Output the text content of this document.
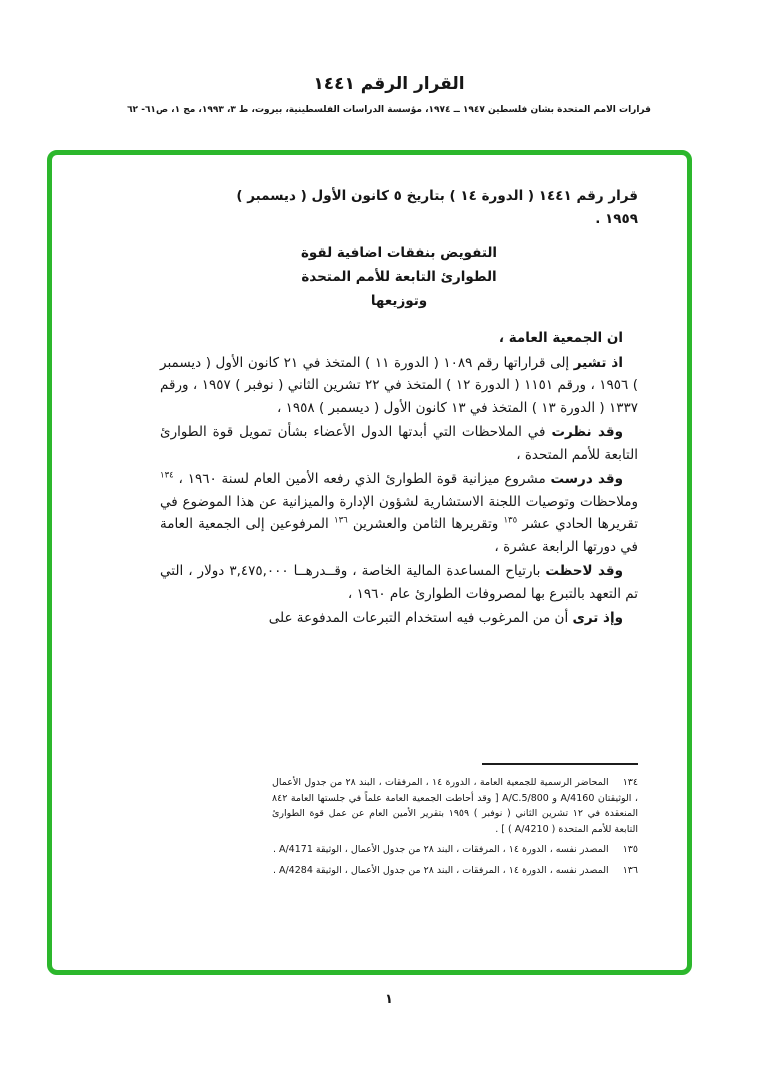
القرار الرقم ١٤٤١
قرارات الأمم المتحدة بشأن فلسطين ١٩٤٧ ــ ١٩٧٤، مؤسسة الدراسات الفلسطينية، بيروت، ط ٣، ١٩٩٣، مج ١، ص٦١- ٦٢

قرار رقم ١٤٤١ ( الدورة ١٤ ) بتاريخ ٥ كانون الأول ( ديسمبر )
١٩٥٩ .

التفويض بنفقات اضافية لقوة
الطوارئ التابعة للأمم المتحدة
وتوزيعها

ان الجمعية العامة ،

اذ تشير إلى قراراتها رقم ١٠٨٩ ( الدورة ١١ ) المتخذ في ٢١ كانون الأول ( ديسمبر ) ١٩٥٦ ، ورقم ١١٥١ ( الدورة ١٢ ) المتخذ في ٢٢ تشرين الثاني ( نوفبر ) ١٩٥٧ ، ورقم ١٣٣٧ ( الدورة ١٣ ) المتخذ في ١٣ كانون الأول ( ديسمبر ) ١٩٥٨ ،

وقد نظرت في الملاحظات التي أبدتها الدول الأعضاء بشأن تمويل قوة الطوارئ التابعة للأمم المتحدة ،

وقد درست مشروع ميزانية قوة الطوارئ الذي رفعه الأمين العام لسنة ١٩٦٠ ، $^{١٣٤}$ وملاحظات وتوصيات اللجنة الاستشارية لشؤون الإدارة والميزانية عن هذا الموضوع في تقريرها الحادي عشر $^{١٣٥}$ وتقريرها الثامن والعشرين $^{١٣٦}$ المرفوعين إلى الجمعية العامة في دورتها الرابعة عشرة ،

وقد لاحظت بارتياح المساعدة المالية الخاصة ، وقــدرهــا ٣,٤٧٥,٠٠٠ دولار ، التي تم التعهد بالتبرع بها لمصروفات الطوارئ عام ١٩٦٠ ،

وإذ ترى أن من المرغوب فيه استخدام التبرعات المدفوعة على

١٣٤المحاضر الرسمية للجمعية العامة ، الدورة ١٤ ، المرفقات ، البند ٢٨ من جدول الأعمال ، الوثيقتان A/4160 و A/C.5/800 [ وقد أحاطت الجمعية العامة علماً في جلستها العامة ٨٤٢ المنعقدة في ١٢ تشرين الثاني ( نوفبر ) ١٩٥٩ بتقرير الأمين العام عن عمل قوة الطوارئ التابعة للأمم المتحدة ( A/4210 ) ] .
١٣٥المصدر نفسه ، الدورة ١٤ ، المرفقات ، البند ٢٨ من جدول الأعمال ، الوثيقة A/4171 .
١٣٦المصدر نفسه ، الدورة ١٤ ، المرفقات ، البند ٢٨ من جدول الأعمال ، الوثيقة A/4284 .
١
